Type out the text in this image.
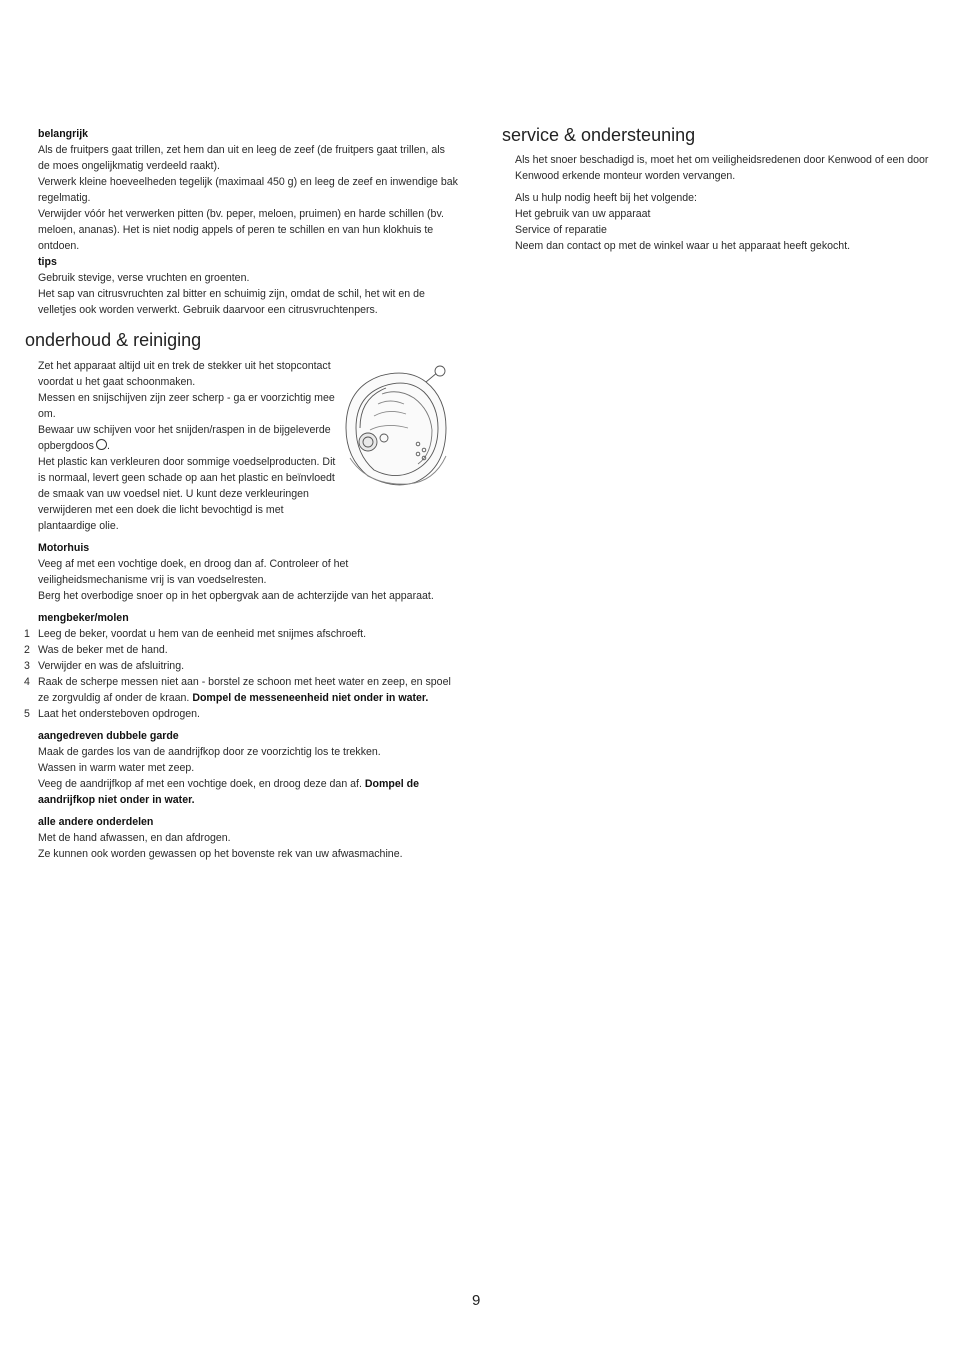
belangrijk
Als de fruitpers gaat trillen, zet hem dan uit en leeg de zeef (de fruitpers gaat trillen, als de moes ongelijkmatig verdeeld raakt).
Verwerk kleine hoeveelheden tegelijk (maximaal 450 g) en leeg de zeef en inwendige bak regelmatig.
Verwijder vóór het verwerken pitten (bv. peper, meloen, pruimen) en harde schillen (bv. meloen, ananas). Het is niet nodig appels of peren te schillen en van hun klokhuis te ontdoen.
tips
Gebruik stevige, verse vruchten en groenten.
Het sap van citrusvruchten zal bitter en schuimig zijn, omdat de schil, het wit en de velletjes ook worden verwerkt. Gebruik daarvoor een citrusvruchtenpers.
onderhoud & reiniging
Zet het apparaat altijd uit en trek de stekker uit het stopcontact voordat u het gaat schoonmaken.
Messen en snijschijven zijn zeer scherp - ga er voorzichtig mee om.
Bewaar uw schijven voor het snijden/raspen in de bijgeleverde opbergdoos .
Het plastic kan verkleuren door sommige voedselproducten. Dit is normaal, levert geen schade op aan het plastic en beïnvloedt de smaak van uw voedsel niet. U kunt deze verkleuringen verwijderen met een doek die licht bevochtigd is met plantaardige olie.
Motorhuis
Veeg af met een vochtige doek, en droog dan af. Controleer of het veiligheidsmechanisme vrij is van voedselresten.
Berg het overbodige snoer op in het opbergvak aan de achterzijde van het apparaat.
mengbeker/molen
1 Leeg de beker, voordat u hem van de eenheid met snijmes afschroeft.
2 Was de beker met de hand.
3 Verwijder en was de afsluitring.
4 Raak de scherpe messen niet aan - borstel ze schoon met heet water en zeep, en spoel ze zorgvuldig af onder de kraan. Dompel de messeneenheid niet onder in water.
5 Laat het ondersteboven opdrogen.
aangedreven dubbele garde
Maak de gardes los van de aandrijfkop door ze voorzichtig los te trekken.
Wassen in warm water met zeep.
Veeg de aandrijfkop af met een vochtige doek, en droog deze dan af. Dompel de aandrijfkop niet onder in water.
alle andere onderdelen
Met de hand afwassen, en dan afdrogen.
Ze kunnen ook worden gewassen op het bovenste rek van uw afwasmachine.
service & ondersteuning
Als het snoer beschadigd is, moet het om veiligheidsredenen door Kenwood of een door Kenwood erkende monteur worden vervangen.
Als u hulp nodig heeft bij het volgende:
Het gebruik van uw apparaat
Service of reparatie
Neem dan contact op met de winkel waar u het apparaat heeft gekocht.
9
